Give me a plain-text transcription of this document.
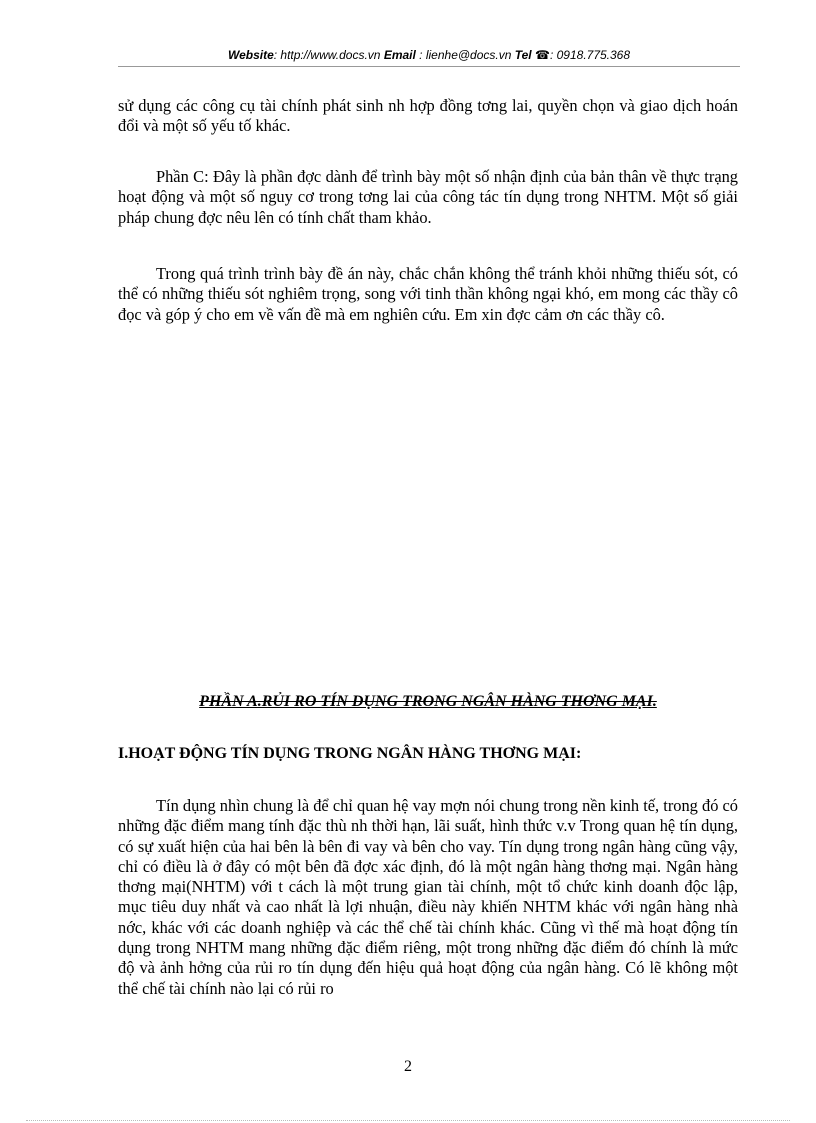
Website: http://www.docs.vn Email : lienhe@docs.vn Tel ☎: 0918.775.368

sử dụng các công cụ tài chính phát sinh nh hợp đồng tơng lai, quyền chọn và giao dịch hoán đổi và một số yếu tố khác.

Phần C: Đây là phần đợc dành để trình bày một số nhận định của bản thân về thực trạng hoạt động và một số nguy cơ trong tơng lai của công tác tín dụng trong NHTM. Một số giải pháp chung đợc nêu lên có tính chất tham khảo.

Trong quá trình trình bày đề án này, chắc chắn không thể tránh khỏi những thiếu sót, có thể có những thiếu sót nghiêm trọng, song với tinh thần không ngại khó, em mong các thầy cô đọc và góp ý cho em về vấn đề mà em nghiên cứu. Em xin đợc cảm ơn các thầy cô.

PHẦN A.RỦI RO TÍN DỤNG TRONG NGÂN HÀNG THƠNG MẠI.
I.HOẠT ĐỘNG TÍN DỤNG TRONG NGÂN HÀNG THƠNG MẠI:

Tín dụng nhìn chung là để chỉ quan hệ vay mợn nói chung trong nền kinh tế, trong đó có những đặc điểm mang tính đặc thù nh thời hạn, lãi suất, hình thức v.v Trong quan hệ tín dụng, có sự xuất hiện của hai bên là bên đi vay và bên cho vay. Tín dụng trong ngân hàng cũng vậy, chỉ có điều là ở đây có một bên đã đợc xác định, đó là một ngân hàng thơng mại. Ngân hàng thơng mại(NHTM) với t cách là một trung gian tài chính, một tổ chức kinh doanh độc lập, mục tiêu duy nhất và cao nhất là lợi nhuận, điều này khiến NHTM khác với ngân hàng nhà nớc, khác với các doanh nghiệp và các thể chế tài chính khác. Cũng vì thế mà hoạt động tín dụng trong NHTM mang những đặc điểm riêng, một trong những đặc điểm đó chính là mức độ và ảnh hởng của rủi ro tín dụng đến hiệu quả hoạt động của ngân hàng. Có lẽ không một thể chế tài chính nào lại có rủi ro

2
